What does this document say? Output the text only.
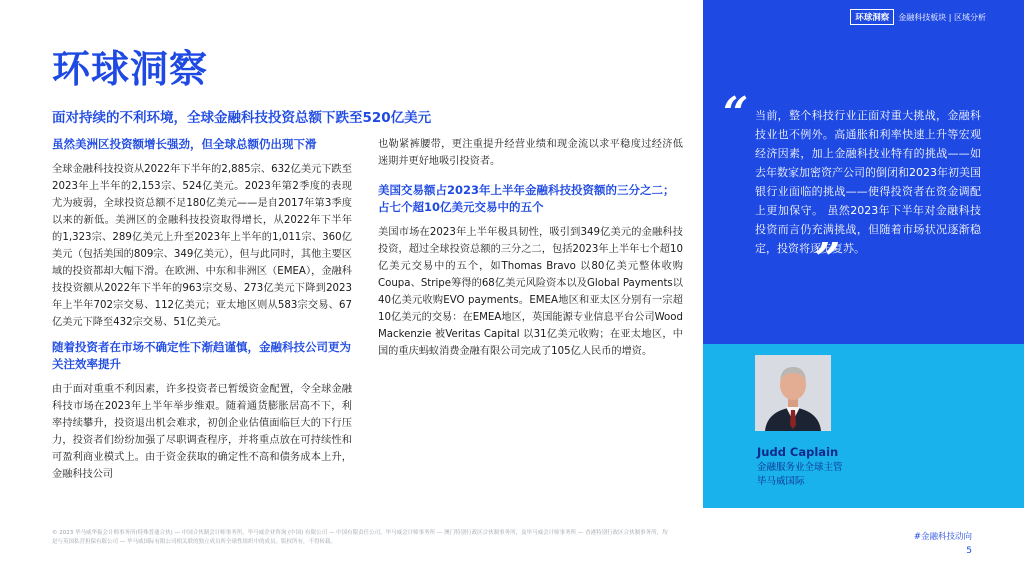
环球洞察	金融科技板块 | 区域分析
环球洞察
面对持续的不利环境，全球金融科技投资总额下跌至520亿美元
虽然美洲区投资额增长强劲，但全球总额仍出现下滑
全球金融科技投资从2022年下半年的2,885宗、632亿美元下跌至2023年上半年的2,153宗、524亿美元。2023年第2季度的表现尤为疲弱，全球投资总额不足180亿美元——是自2017年第3季度以来的新低。美洲区的金融科技投资取得增长，从2022年下半年的1,323宗、289亿美元上升至2023年上半年的1,011宗、360亿美元（包括美国的809宗、349亿美元），但与此同时，其他主要区域的投资都却大幅下滑。在欧洲、中东和非洲区（EMEA），金融科技投资额从2022年下半年的963宗交易、273亿美元下降到2023年上半年702宗交易、112亿美元；亚太地区则从583宗交易、67亿美元下降至432宗交易、51亿美元。
随着投资者在市场不确定性下渐趋谨慎，金融科技公司更为关注效率提升
由于面对重重不利因素，许多投资者已暂缓资金配置，令全球金融科技市场在2023年上半年举步维艰。随着通货膨胀居高不下，利率持续攀升，投资退出机会难求，初创企业估值面临巨大的下行压力，投资者们纷纷加强了尽职调查程序，并将重点放在可持续性和可盈利商业模式上。由于资金获取的确定性不高和债务成本上升，金融科技公司
也勒紧裤腰带，更注重提升经营业绩和现金流以求平稳度过经济低迷期并更好地吸引投资者。
美国交易额占2023年上半年金融科技投资额的三分之二；占七个超10亿美元交易中的五个
美国市场在2023年上半年极具韧性，吸引到349亿美元的金融科技投资，超过全球投资总额的三分之二，包括2023年上半年七个超10亿美元交易中的五个，如Thomas Bravo 以80亿美元整体收购Coupa、Stripe筹得的68亿美元风险资本以及Global Payments以40亿美元收购EVO payments。EMEA地区和亚太区分别有一宗超10亿美元的交易：在EMEA地区，英国能源专业信息平台公司Wood Mackenzie 被Veritas Capital 以31亿美元收购；在亚太地区，中国的重庆蚂蚁消费金融有限公司完成了105亿人民币的增资。
“ 当前，整个科技行业正面对重大挑战，金融科技业也不例外。高通胀和利率快速上升等宏观经济因素，加上金融科技业特有的挑战——如去年数家加密资产公司的倒闭和2023年初美国银行业面临的挑战——使得投资者在资金调配上更加保守。 虽然2023年下半年对金融科技投资而言仍充满挑战，但随着市场状况逐渐稳定，投资将逐步复苏。
”
Judd Caplain
金融服务业全球主管
毕马威国际
© 2023 毕马威华振会计师事务所(特殊普通合伙) — 中国合伙制会计师事务所，毕马威企业咨询 (中国) 有限公司 — 中国有限责任公司，毕马威会计师事务所 — 澳门特别行政区合伙制事务所，及毕马威会计师事务所 — 香港特别行政区合伙制事务所，均是与英国私营担保有限公司 — 毕马威国际有限公司相关联的独立成员所全球性组织中的成员。版权所有，不得转载。	#金融科技动向
5
